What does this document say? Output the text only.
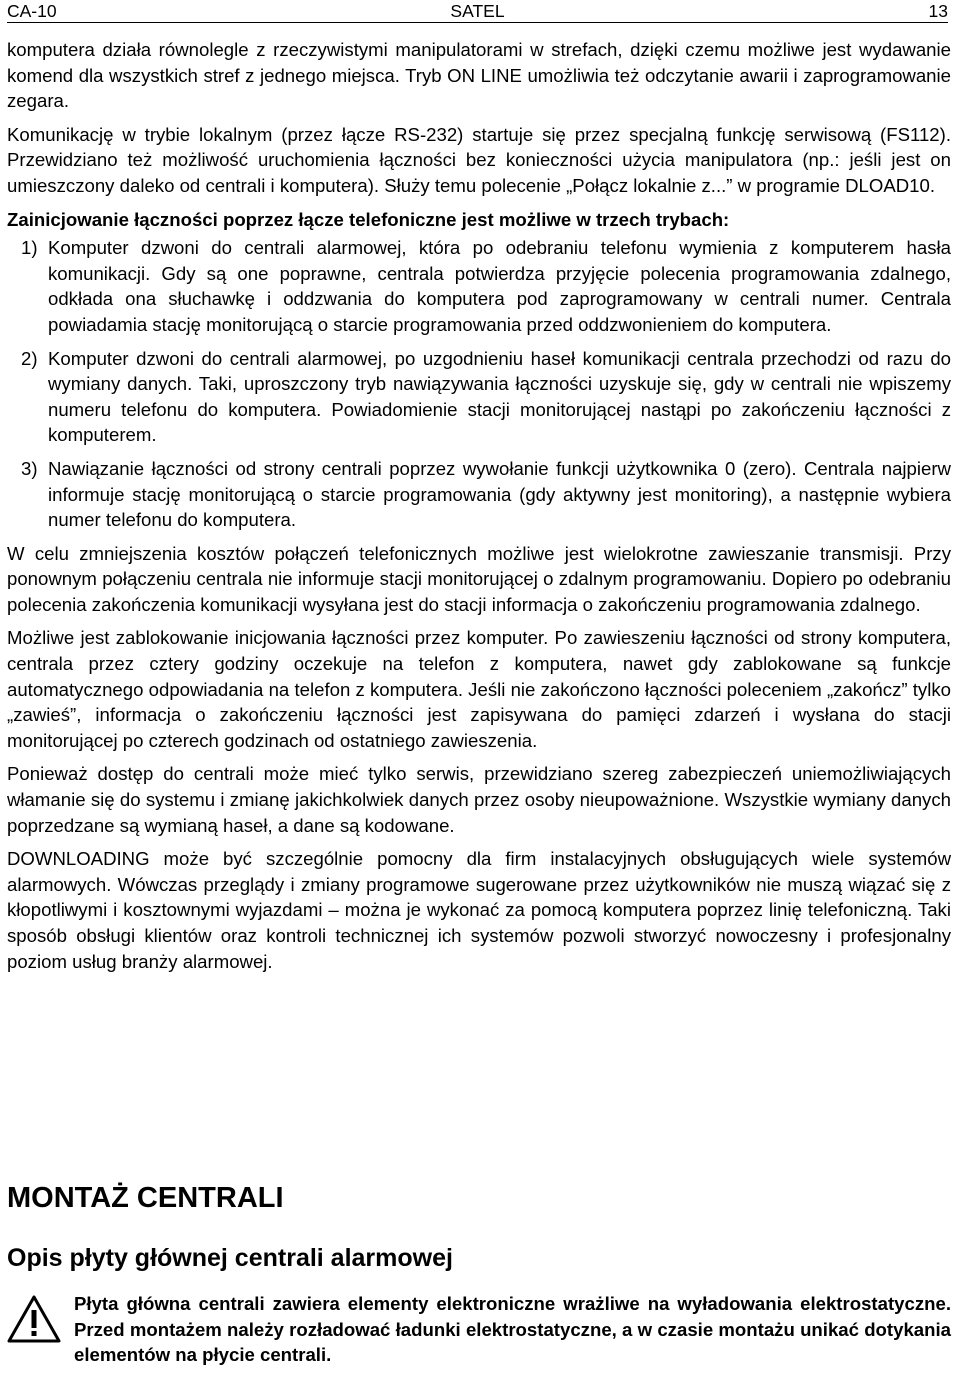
CA-10	SATEL	13

komputera działa równolegle z rzeczywistymi manipulatorami w strefach, dzięki czemu możliwe jest wydawanie komend dla wszystkich stref z jednego miejsca. Tryb ON LINE umożliwia też odczytanie awarii i zaprogramowanie zegara.

Komunikację w trybie lokalnym (przez łącze RS-232) startuje się przez specjalną funkcję serwisową (FS112). Przewidziano też możliwość uruchomienia łączności bez konieczności użycia manipulatora (np.: jeśli jest on umieszczony daleko od centrali i komputera). Służy temu polecenie „Połącz lokalnie z...” w programie DLOAD10.

Zainicjowanie łączności poprzez łącze telefoniczne jest możliwe w trzech trybach:

1) Komputer dzwoni do centrali alarmowej, która po odebraniu telefonu wymienia z komputerem hasła komunikacji. Gdy są one poprawne, centrala potwierdza przyjęcie polecenia programowania zdalnego, odkłada ona słuchawkę i oddzwania do komputera pod zaprogramowany w centrali numer. Centrala powiadamia stację monitorującą o starcie programowania przed oddzwonieniem do komputera.
2) Komputer dzwoni do centrali alarmowej, po uzgodnieniu haseł komunikacji centrala przechodzi od razu do wymiany danych. Taki, uproszczony tryb nawiązywania łączności uzyskuje się, gdy w centrali nie wpiszemy numeru telefonu do komputera. Powiadomienie stacji monitorującej nastąpi po zakończeniu łączności z komputerem.
3) Nawiązanie łączności od strony centrali poprzez wywołanie funkcji użytkownika 0 (zero). Centrala najpierw informuje stację monitorującą o starcie programowania (gdy aktywny jest monitoring), a następnie wybiera numer telefonu do komputera.

W celu zmniejszenia kosztów połączeń telefonicznych możliwe jest wielokrotne zawieszanie transmisji. Przy ponownym połączeniu centrala nie informuje stacji monitorującej o zdalnym programowaniu. Dopiero po odebraniu polecenia zakończenia komunikacji wysyłana jest do stacji informacja o zakończeniu programowania zdalnego.

Możliwe jest zablokowanie inicjowania łączności przez komputer. Po zawieszeniu łączności od strony komputera, centrala przez cztery godziny oczekuje na telefon z komputera, nawet gdy zablokowane są funkcje automatycznego odpowiadania na telefon z komputera. Jeśli nie zakończono łączności poleceniem „zakończ” tylko „zawieś”, informacja o zakończeniu łączności jest zapisywana do pamięci zdarzeń i wysłana do stacji monitorującej po czterech godzinach od ostatniego zawieszenia.

Ponieważ dostęp do centrali może mieć tylko serwis, przewidziano szereg zabezpieczeń uniemożliwiających włamanie się do systemu i zmianę jakichkolwiek danych przez osoby nieupoważnione. Wszystkie wymiany danych poprzedzane są wymianą haseł, a dane są kodowane.

DOWNLOADING może być szczególnie pomocny dla firm instalacyjnych obsługujących wiele systemów alarmowych. Wówczas przeglądy i zmiany programowe sugerowane przez użytkowników nie muszą wiązać się z kłopotliwymi i kosztownymi wyjazdami – można je wykonać za pomocą komputera poprzez linię telefoniczną. Taki sposób obsługi klientów oraz kontroli technicznej ich systemów pozwoli stworzyć nowoczesny i profesjonalny poziom usług branży alarmowej.

MONTAŻ CENTRALI
Opis płyty głównej centrali alarmowej
Płyta główna centrali zawiera elementy elektroniczne wrażliwe na wyładowania elektrostatyczne. Przed montażem należy rozładować ładunki elektrostatyczne, a w czasie montażu unikać dotykania elementów na płycie centrali.
